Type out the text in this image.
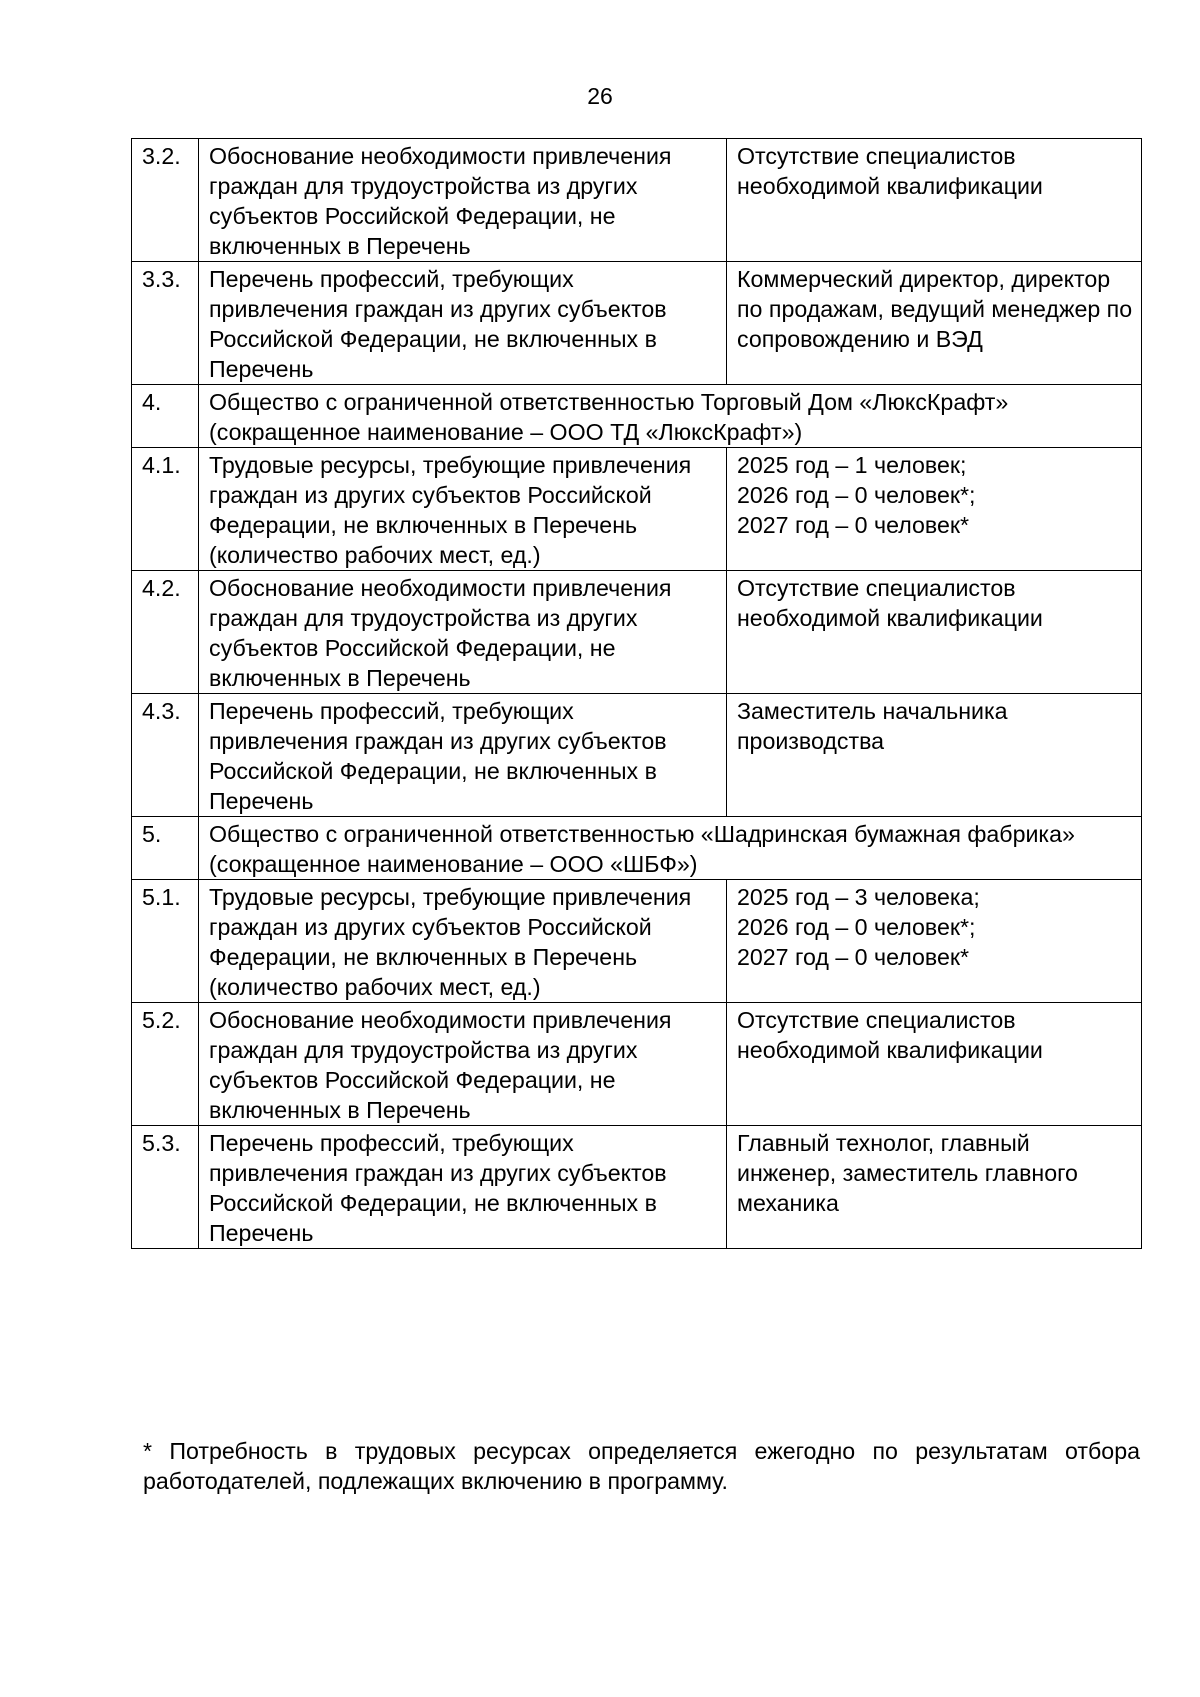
26
3.2.	Обоснование необходимости привлечения граждан для трудоустройства из других субъектов Российской Федерации, не включенных в Перечень	Отсутствие специалистов необходимой квалификации
3.3.	Перечень профессий, требующих привлечения граждан из других субъектов Российской Федерации, не включенных в Перечень	Коммерческий директор, директор по продажам, ведущий менеджер по сопровождению и ВЭД
4.	Общество с ограниченной ответственностью Торговый Дом «ЛюксКрафт» (сокращенное наименование – ООО ТД «ЛюксКрафт»)	
4.1.	Трудовые ресурсы, требующие привлечения граждан из других субъектов Российской Федерации, не включенных в Перечень (количество рабочих мест, ед.)	2025 год – 1 человек;
2026 год – 0 человек*;
2027 год – 0 человек*

4.2.	Обоснование необходимости привлечения граждан для трудоустройства из других субъектов Российской Федерации, не включенных в Перечень	Отсутствие специалистов необходимой квалификации
4.3.	Перечень профессий, требующих привлечения граждан из других субъектов Российской Федерации, не включенных в Перечень	Заместитель начальника производства
5.	Общество с ограниченной ответственностью «Шадринская бумажная фабрика» (сокращенное наименование – ООО «ШБФ»)	
5.1.	Трудовые ресурсы, требующие привлечения граждан из других субъектов Российской Федерации, не включенных в Перечень (количество рабочих мест, ед.)	2025 год – 3 человека;
2026 год – 0 человек*;
2027 год – 0 человек*

5.2.	Обоснование необходимости привлечения граждан для трудоустройства из других субъектов Российской Федерации, не включенных в Перечень	Отсутствие специалистов необходимой квалификации
5.3.	Перечень профессий, требующих привлечения граждан из других субъектов Российской Федерации, не включенных в Перечень	Главный технолог, главный инженер, заместитель главного механика

* Потребность в трудовых ресурсах определяется ежегодно по результатам отбора работодателей, подлежащих включению в программу.
